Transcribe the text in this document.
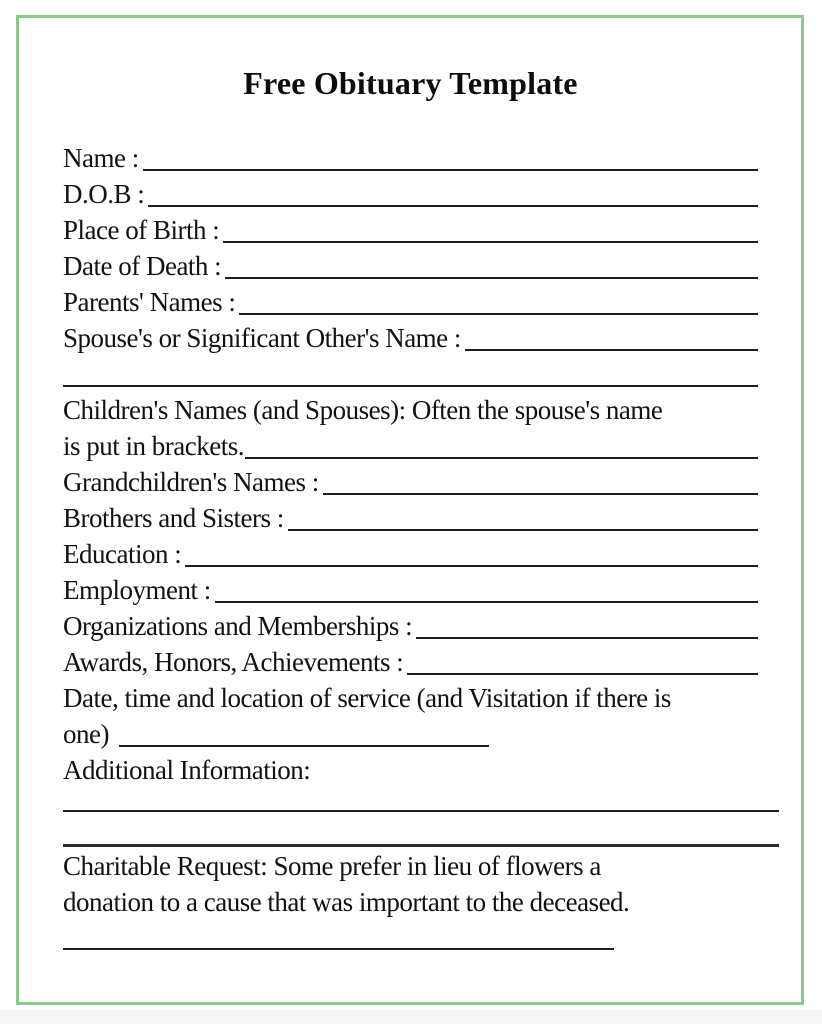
Free Obituary Template
Name :
D.O.B :
Place of Birth :
Date of Death :
Parents' Names :
Spouse's or Significant Other's Name :
Children's Names (and Spouses): Often the spouse's name
is put in brackets.
Grandchildren's Names :
Brothers and Sisters :
Education :
Employment :
Organizations and Memberships :
Awards, Honors, Achievements :
Date, time and location of service (and Visitation if there is
one)
Additional Information:
Charitable Request: Some prefer in lieu of flowers a
donation to a cause that was important to the deceased.
